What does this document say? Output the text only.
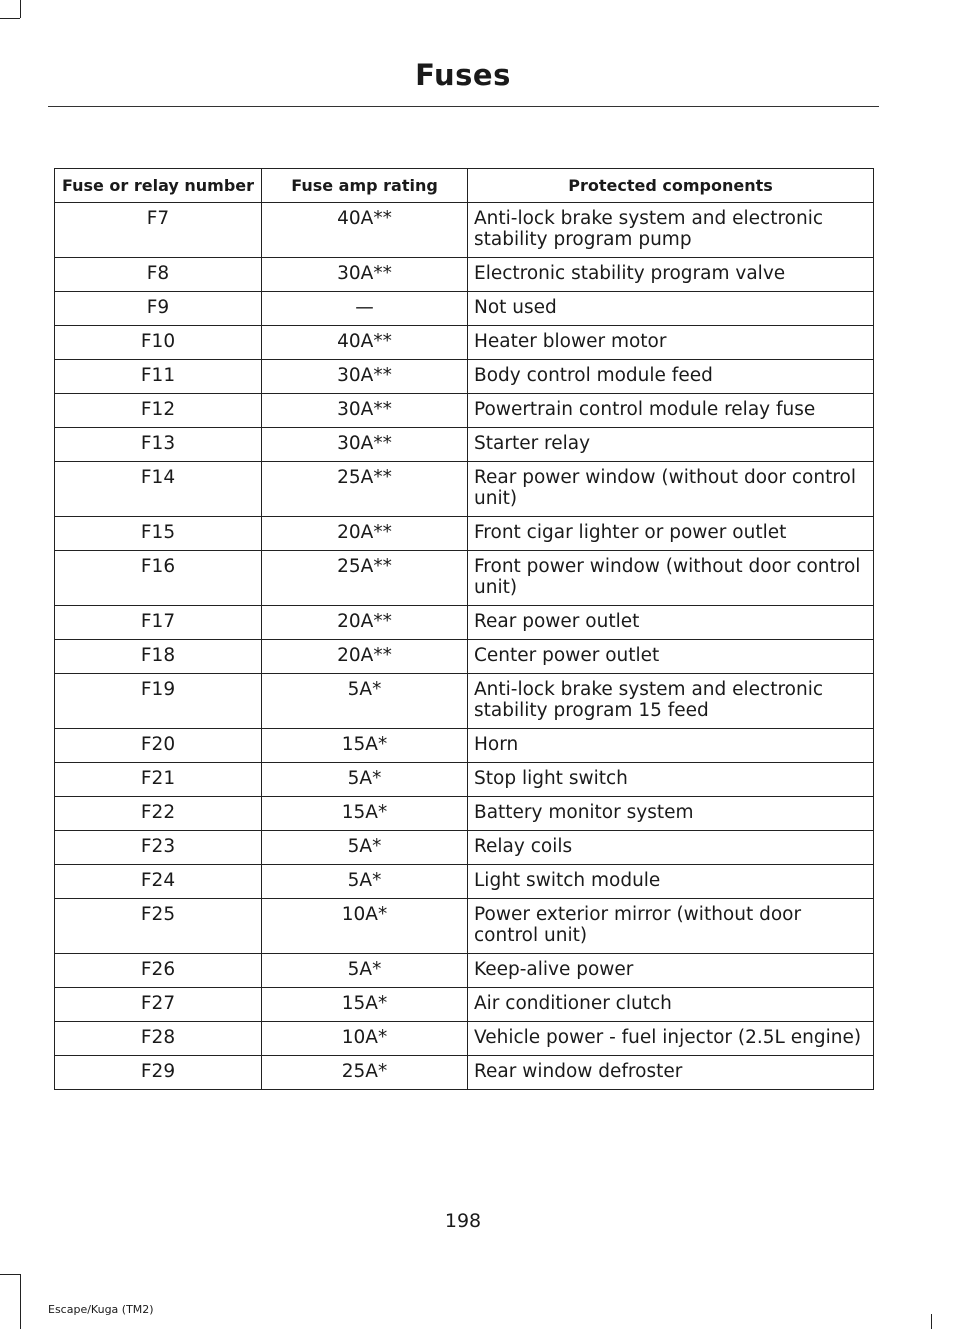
Fuses
Fuse or relay number	Fuse amp rating	Protected components
F7	40A**	Anti-lock brake system and electronic stability program pump
F8	30A**	Electronic stability program valve
F9	—	Not used
F10	40A**	Heater blower motor
F11	30A**	Body control module feed
F12	30A**	Powertrain control module relay fuse
F13	30A**	Starter relay
F14	25A**	Rear power window (without door control unit)
F15	20A**	Front cigar lighter or power outlet
F16	25A**	Front power window (without door control unit)
F17	20A**	Rear power outlet
F18	20A**	Center power outlet
F19	5A*	Anti-lock brake system and electronic stability program 15 feed
F20	15A*	Horn
F21	5A*	Stop light switch
F22	15A*	Battery monitor system
F23	5A*	Relay coils
F24	5A*	Light switch module
F25	10A*	Power exterior mirror (without door control unit)
F26	5A*	Keep-alive power
F27	15A*	Air conditioner clutch
F28	10A*	Vehicle power - fuel injector (2.5L engine)
F29	25A*	Rear window defroster
198
Escape/Kuga (TM2)
